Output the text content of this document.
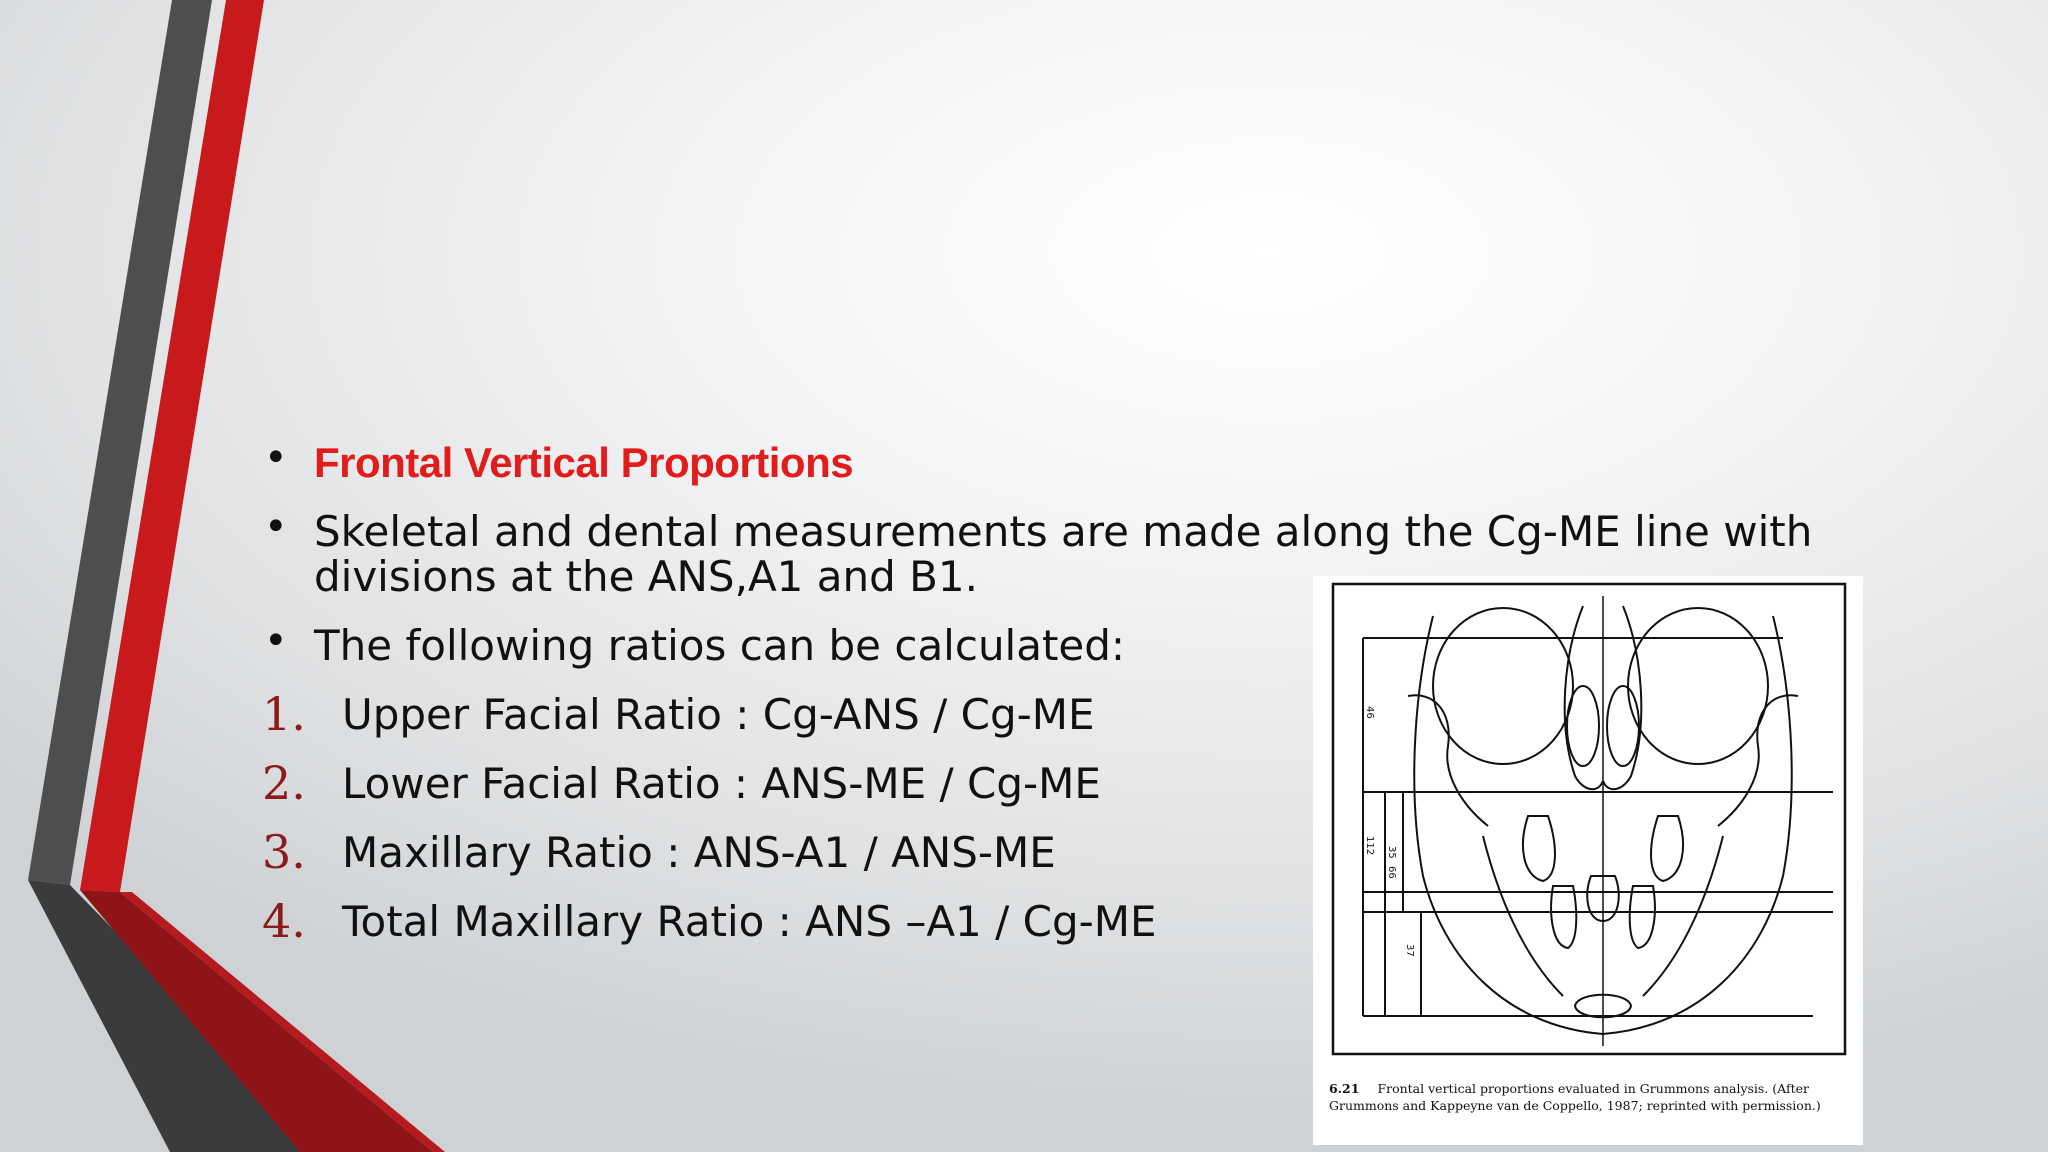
• Frontal Vertical Proportions
• Skeletal and dental measurements are made along the Cg-ME line with divisions at the ANS,A1 and B1.
• The following ratios can be calculated:
1. Upper Facial Ratio : Cg-ANS / Cg-ME
2. Lower Facial Ratio : ANS-ME / Cg-ME
3. Maxillary Ratio : ANS-A1 / ANS-ME
4. Total Maxillary Ratio : ANS –A1 / Cg-ME
46
112 35
66
37
6.21 Frontal vertical proportions evaluated in Grummons analysis. (After Grummons and Kappeyne van de Coppello, 1987; reprinted with permission.)
